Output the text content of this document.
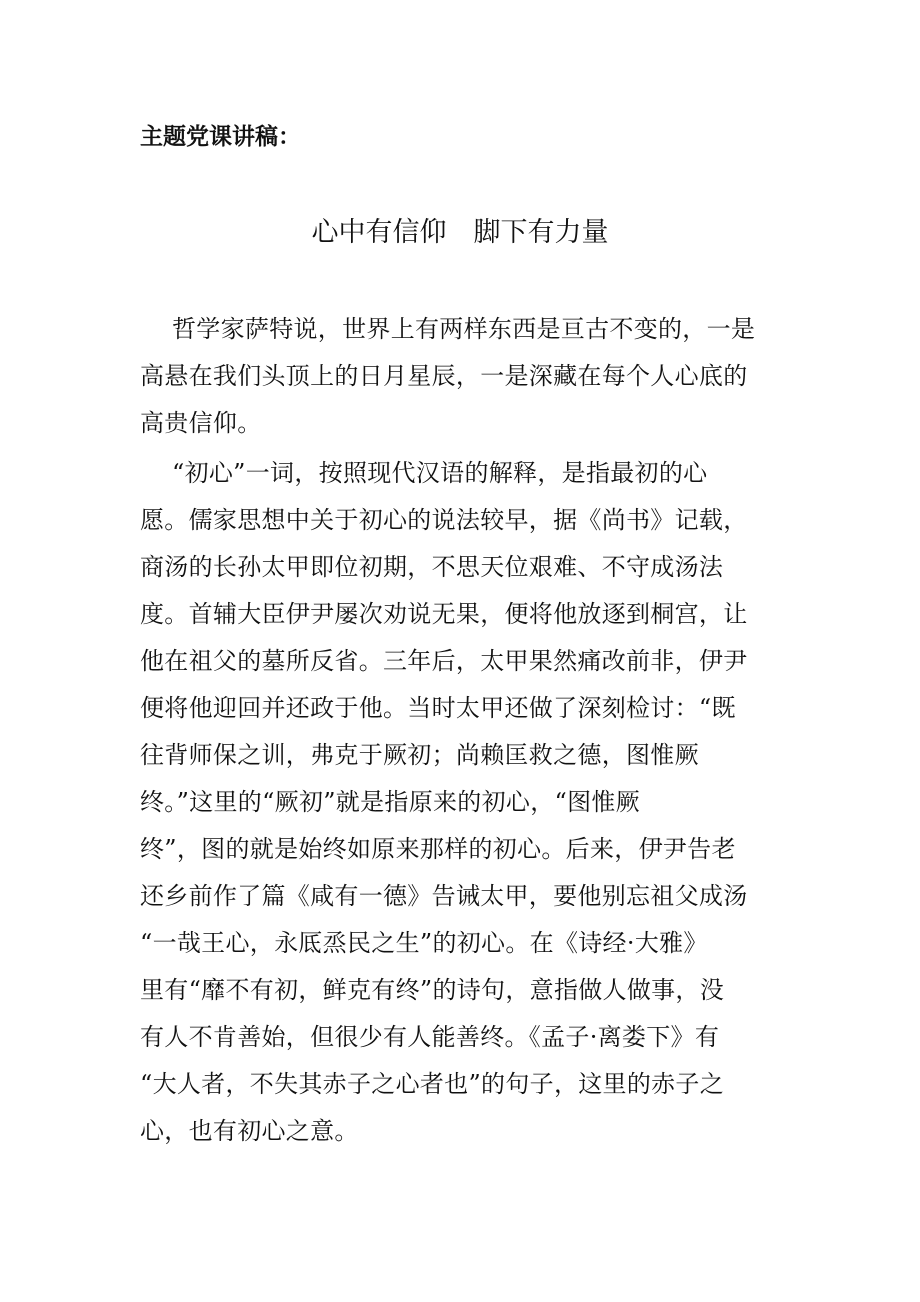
主题党课讲稿：
心中有信仰　脚下有力量
哲学家萨特说，世界上有两样东西是亘古不变的，一是
高悬在我们头顶上的日月星辰，一是深藏在每个人心底的
高贵信仰。
“初心”一词，按照现代汉语的解释，是指最初的心
愿。儒家思想中关于初心的说法较早，据《尚书》记载，
商汤的长孙太甲即位初期，不思天位艰难、不守成汤法
度。首辅大臣伊尹屡次劝说无果，便将他放逐到桐宫，让
他在祖父的墓所反省。三年后，太甲果然痛改前非，伊尹
便将他迎回并还政于他。当时太甲还做了深刻检讨：“既
往背师保之训，弗克于厥初；尚赖匡救之德，图惟厥
终。”这里的“厥初”就是指原来的初心，“图惟厥
终”，图的就是始终如原来那样的初心。后来，伊尹告老
还乡前作了篇《咸有一德》告诫太甲，要他别忘祖父成汤
“一哉王心，永厎烝民之生”的初心。在《诗经·大雅》
里有“靡不有初，鲜克有终”的诗句，意指做人做事，没
有人不肯善始，但很少有人能善终。《孟子·离娄下》有
“大人者，不失其赤子之心者也”的句子，这里的赤子之
心，也有初心之意。
